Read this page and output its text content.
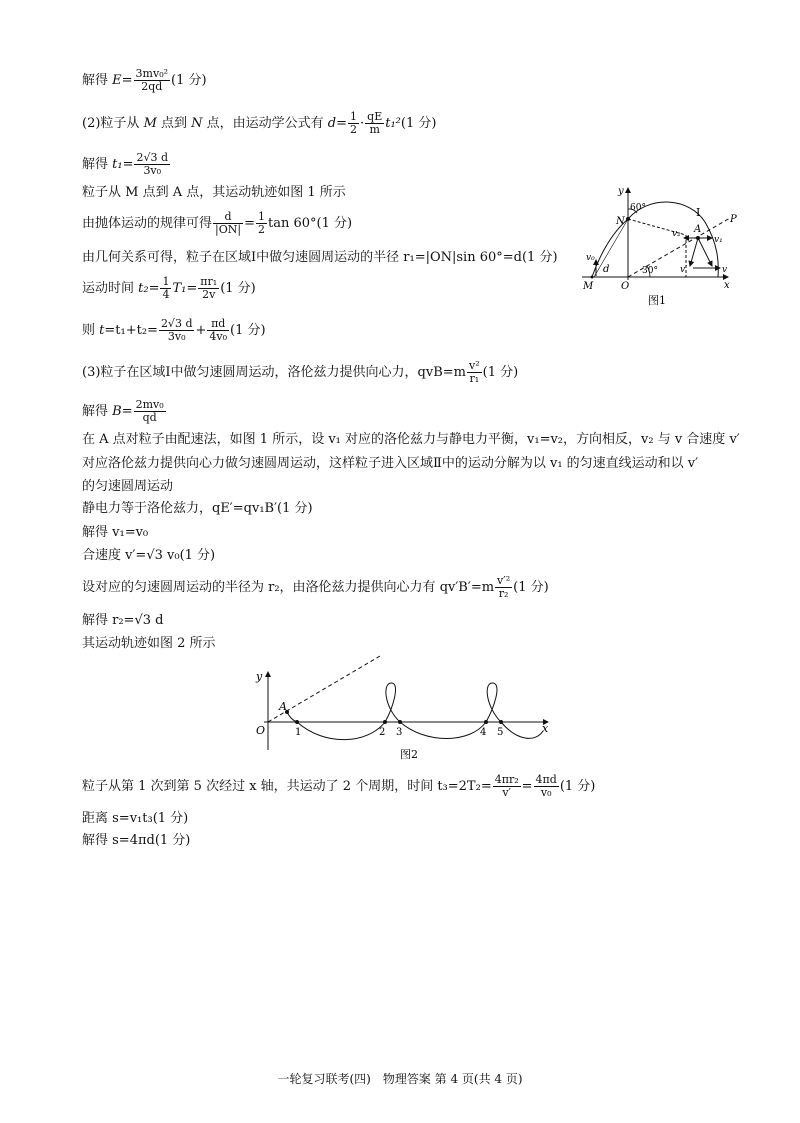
解得 $E= \frac{\text{3mv₀²}}{2qd} (1$ 分)
(2)粒子从 M 点到 N 点，由运动学公式有 $d= \frac{1}{2} \cdot \frac{qE}{m} t_1^2(1$ 分)
解得 $t_1= \frac{2√3 d}{\text{3v₀}}$
粒子从 M 点到 A 点，其运动轨迹如图 1 所示
由抛体运动的规律可得 $\frac{d}{|ON|} = \frac{1}{2}$ tan 60°(1 分)
由几何关系可得，粒子在区域Ⅰ中做匀速圆周运动的半径 r₁=|ON|sin 60°=d(1 分)
运动时间 $t_2= \frac{1}{4} T_1= \frac{\text{πr₁}}{2v} (1$ 分)
则 $t=t_1+t_2= \frac{2√3 d}{\text{3v₀}} + \frac{\pi d}{\text{4v₀}} (1$ 分)
(3)粒子在区域Ⅰ中做匀速圆周运动，洛伦兹力提供向心力，$qvB=m \frac{\text{v²}}{\text{r₁}} (1$ 分)
解得 $B= \frac{\text{2mv₀}}{qd}$
在 A 点对粒子由配速法，如图 1 所示，设 v₁ 对应的洛伦兹力与静电力平衡，v₁=v₂，方向相反，v₂ 与 v 合速度 v′
对应洛伦兹力提供向心力做匀速圆周运动，这样粒子进入区域Ⅱ中的运动分解为以 v₁ 的匀速直线运动和以 v′
的匀速圆周运动
静电力等于洛伦兹力，qE′=qv₁B′(1 分)
解得 v₁=v₀
合速度 v′=√3 v₀(1 分)
设对应的匀速圆周运动的半径为 r₂，由洛伦兹力提供向心力有 $qv'B'=m \frac{\text{v′²}}{\text{r₂}} (1$ 分)
解得 r₂=√3 d
其运动轨迹如图 2 所示
y
x
O
A
1	2 3	4 5
图2
粒子从第 1 次到第 5 次经过 x 轴，共运动了 2 个周期，时间 $t_3=2T_2= \frac{\text{4πr₂}}{v'} = \frac{4\pi d}{\text{v₀}} (1$ 分)
距离 s=v₁t₃(1 分)
解得 s=4πd(1 分)
y
x
O
M
N
A
P
Ⅰ
d
60°
30°
v₀
v₁
v₂
v
v′
图1
一轮复习联考(四)　物理答案 第 4 页(共 4 页)
